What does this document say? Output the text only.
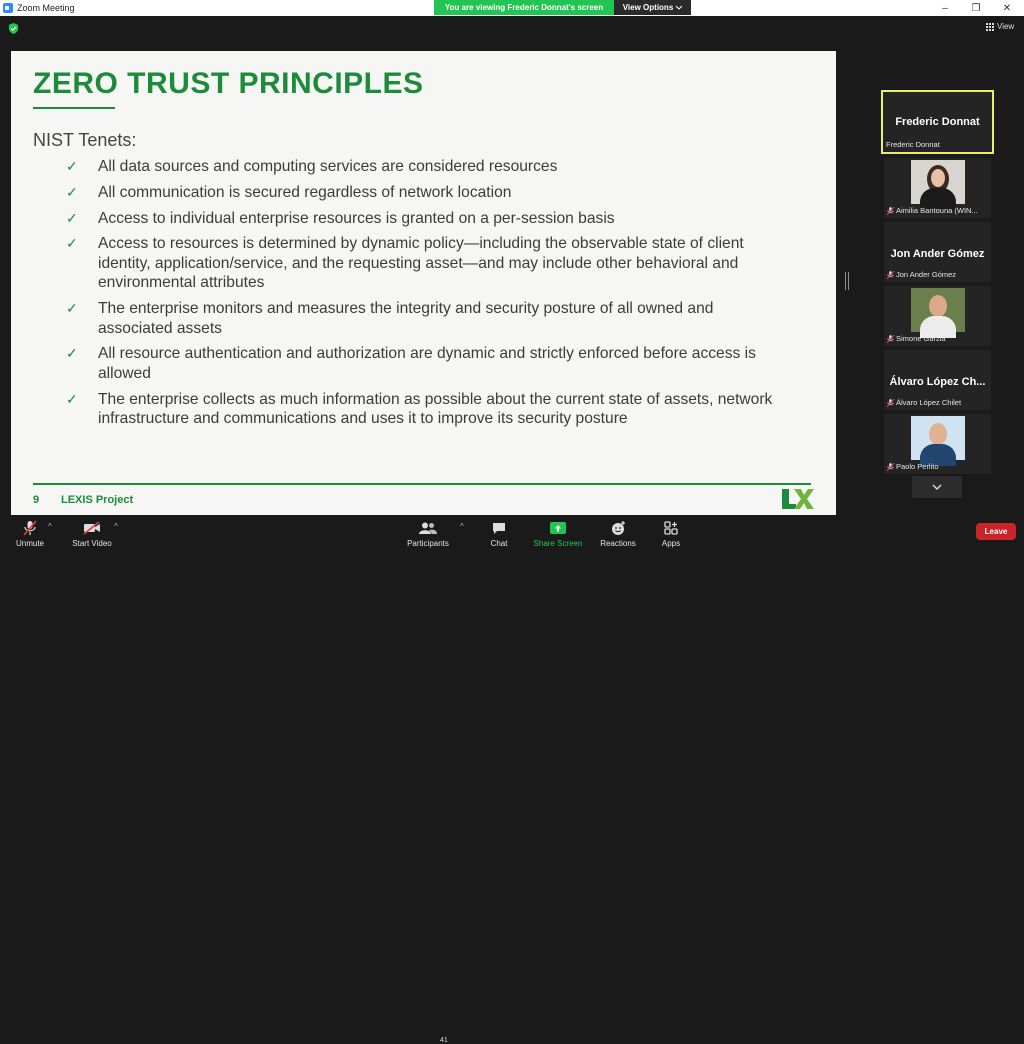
Zoom Meeting	–	❐	✕
You are viewing Frederic Donnat's screen	View Options
View
ZERO TRUST PRINCIPLES
NIST Tenets:
✓ All data sources and computing services are considered resources
✓ All communication is secured regardless of network location
✓ Access to individual enterprise resources is granted on a per-session basis
✓ Access to resources is determined by dynamic policy—including the observable state of client identity, application/service, and the requesting asset—and may include other behavioral and environmental attributes
✓ The enterprise monitors and measures the integrity and security posture of all owned and associated assets
✓ All resource authentication and authorization are dynamic and strictly enforced before access is allowed
✓ The enterprise collects as much information as possible about the current state of assets, network infrastructure and communications and uses it to improve its security posture
9 LEXIS Project
Frederic Donnat
Frederic Donnat
Aimilia Bantouna (WIN...
Jon Ander Gómez
Jon Ander Gómez
Simone Garzia
Álvaro López Ch...
Álvaro López Chilet
Paolo Perlito
Unmute
^
Start Video
^
Participants
41
^
Chat	Share Screen Reactions	Apps
Leave
